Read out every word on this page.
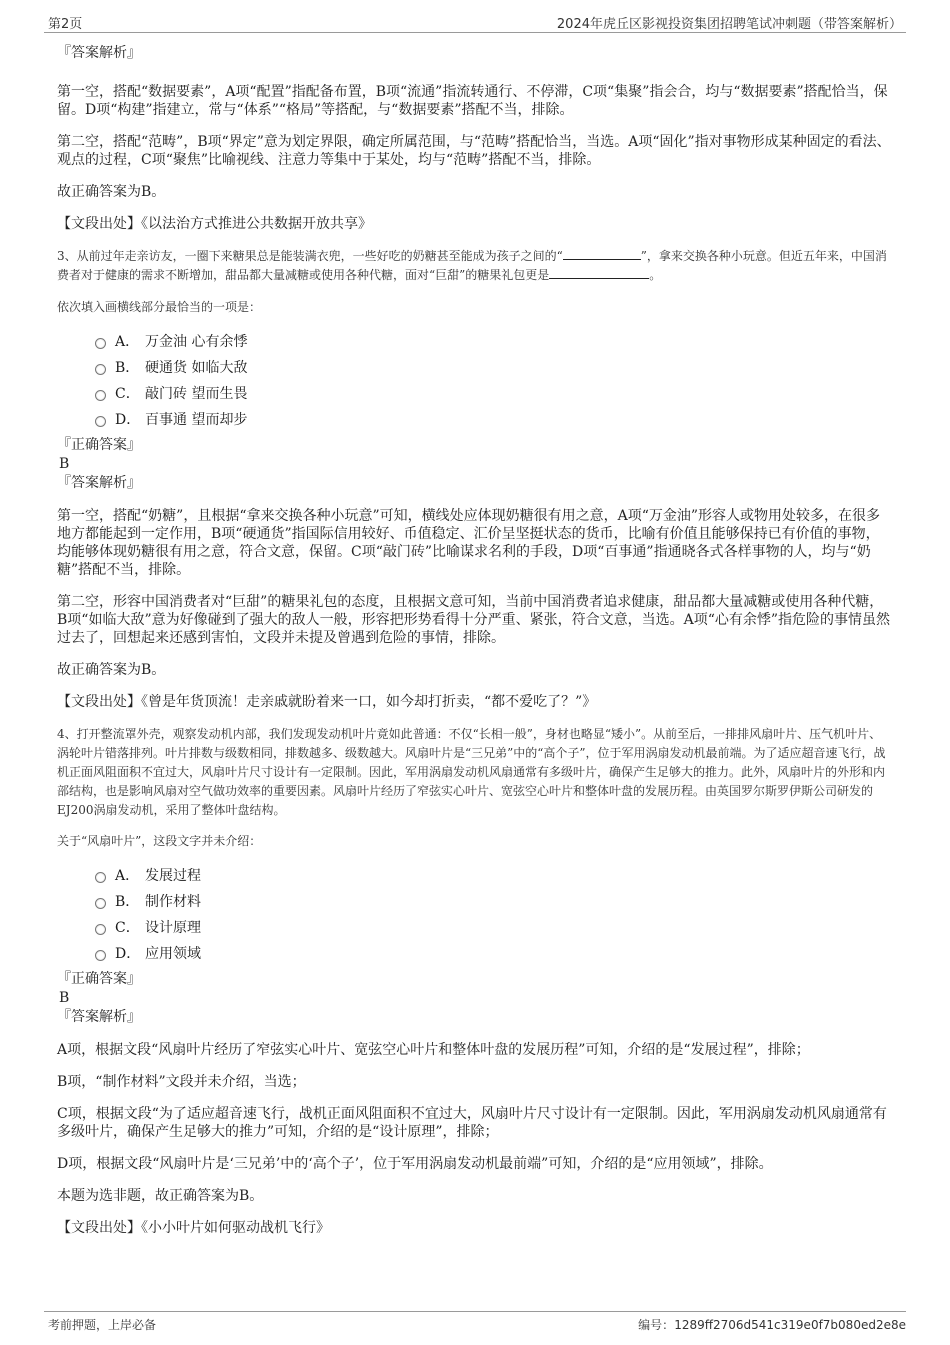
第2页	2024年虎丘区影视投资集团招聘笔试冲刺题（带答案解析）

『答案解析』

第一空，搭配“数据要素”，A项“配置”指配备布置，B项“流通”指流转通行、不停滞，C项“集聚”指会合，均与“数据要素”搭配恰当，保留。D项“构建”指建立，常与“体系”“格局”等搭配，与“数据要素”搭配不当，排除。

第二空，搭配“范畴”，B项“界定”意为划定界限，确定所属范围，与“范畴”搭配恰当，当选。A项“固化”指对事物形成某种固定的看法、观点的过程，C项“聚焦”比喻视线、注意力等集中于某处，均与“范畴”搭配不当，排除。

故正确答案为B。

【文段出处】《以法治方式推进公共数据开放共享》

3、从前过年走亲访友，一圈下来糖果总是能装满衣兜，一些好吃的奶糖甚至能成为孩子之间的“	”，拿来交换各种小玩意。但近五年来，中国消费者对于健康的需求不断增加，甜品都大量减糖或使用各种代糖，面对“巨甜”的糖果礼包更是	。

依次填入画横线部分最恰当的一项是：

A． 万金油 心有余悸
B． 硬通货 如临大敌
C． 敲门砖 望而生畏
D． 百事通 望而却步

『正确答案』

B

『答案解析』

第一空，搭配“奶糖”，且根据“拿来交换各种小玩意”可知，横线处应体现奶糖很有用之意，A项“万金油”形容人或物用处较多，在很多地方都能起到一定作用，B项“硬通货”指国际信用较好、币值稳定、汇价呈坚挺状态的货币，比喻有价值且能够保持已有价值的事物，均能够体现奶糖很有用之意，符合文意，保留。C项“敲门砖”比喻谋求名利的手段，D项“百事通”指通晓各式各样事物的人，均与“奶糖”搭配不当，排除。

第二空，形容中国消费者对“巨甜”的糖果礼包的态度，且根据文意可知，当前中国消费者追求健康，甜品都大量减糖或使用各种代糖，B项“如临大敌”意为好像碰到了强大的敌人一般，形容把形势看得十分严重、紧张，符合文意，当选。A项“心有余悸”指危险的事情虽然过去了，回想起来还感到害怕，文段并未提及曾遇到危险的事情，排除。

故正确答案为B。

【文段出处】《曾是年货顶流！走亲戚就盼着来一口，如今却打折卖，“都不爱吃了？”》

4、打开整流罩外壳，观察发动机内部，我们发现发动机叶片竟如此普通：不仅“长相一般”，身材也略显“矮小”。从前至后，一排排风扇叶片、压气机叶片、涡轮叶片错落排列。叶片排数与级数相同，排数越多、级数越大。风扇叶片是“三兄弟”中的“高个子”，位于军用涡扇发动机最前端。为了适应超音速飞行，战机正面风阻面积不宜过大，风扇叶片尺寸设计有一定限制。因此，军用涡扇发动机风扇通常有多级叶片，确保产生足够大的推力。此外，风扇叶片的外形和内部结构，也是影响风扇对空气做功效率的重要因素。风扇叶片经历了窄弦实心叶片、宽弦空心叶片和整体叶盘的发展历程。由英国罗尔斯罗伊斯公司研发的EJ200涡扇发动机，采用了整体叶盘结构。

关于“风扇叶片”，这段文字并未介绍：

A． 发展过程
B． 制作材料
C． 设计原理
D． 应用领域

『正确答案』

B

『答案解析』

A项，根据文段“风扇叶片经历了窄弦实心叶片、宽弦空心叶片和整体叶盘的发展历程”可知，介绍的是“发展过程”，排除；

B项，“制作材料”文段并未介绍，当选；

C项，根据文段“为了适应超音速飞行，战机正面风阻面积不宜过大，风扇叶片尺寸设计有一定限制。因此，军用涡扇发动机风扇通常有多级叶片，确保产生足够大的推力”可知，介绍的是“设计原理”，排除；

D项，根据文段“风扇叶片是‘三兄弟’中的‘高个子’，位于军用涡扇发动机最前端”可知，介绍的是“应用领域”，排除。

本题为选非题，故正确答案为B。

【文段出处】《小小叶片如何驱动战机飞行》

考前押题，上岸必备	编号：1289ff2706d541c319e0f7b080ed2e8e
